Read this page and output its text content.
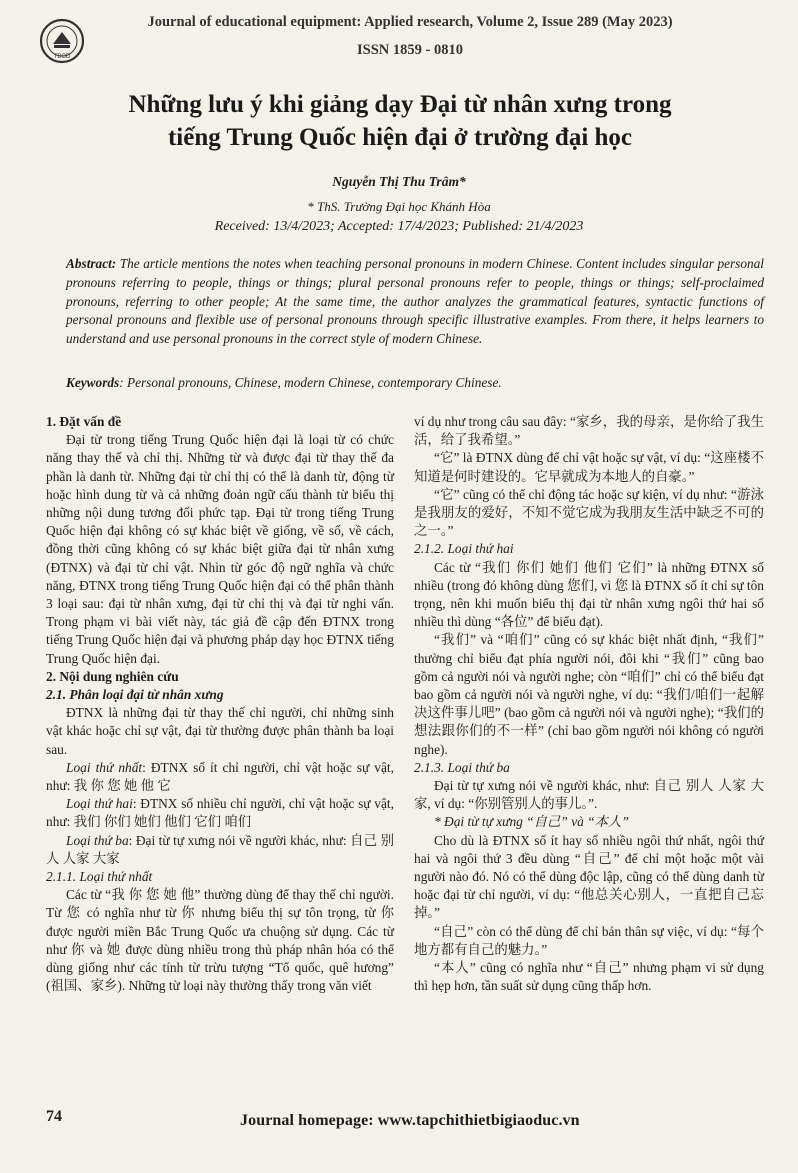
TBGD
Journal of educational equipment: Applied research, Volume 2, Issue 289 (May 2023)
ISSN 1859 - 0810
Những lưu ý khi giảng dạy Đại từ nhân xưng trong
tiếng Trung Quốc hiện đại ở trường đại học
Nguyễn Thị Thu Trâm*
* ThS. Trường Đại học Khánh Hòa
Received: 13/4/2023; Accepted: 17/4/2023; Published: 21/4/2023
Abstract: The article mentions the notes when teaching personal pronouns in modern Chinese. Content includes singular personal pronouns referring to people, things or things; plural personal pronouns refer to people, things or things; self-proclaimed pronouns, referring to other people; At the same time, the author analyzes the grammatical features, syntactic functions of personal pronouns and flexible use of personal pronouns through specific illustrative examples. From there, it helps learners to understand and use personal pronouns in the correct style of modern Chinese.
Keywords: Personal pronouns, Chinese, modern Chinese, contemporary Chinese.

1. Đặt vấn đề

Đại từ trong tiếng Trung Quốc hiện đại là loại từ có chức năng thay thế và chỉ thị. Những từ và được đại từ thay thế đa phần là danh từ. Những đại từ chỉ thị có thể là danh từ, động từ hoặc hình dung từ và cả những đoản ngữ cấu thành từ biểu thị những nội dung tương đối phức tạp. Đại từ trong tiếng Trung Quốc hiện đại không có sự khác biệt về giống, về số, về cách, đồng thời cũng không có sự khác biệt giữa đại từ nhân xưng (ĐTNX) và đại từ chỉ vật. Nhìn từ góc độ ngữ nghĩa và chức năng, ĐTNX trong tiếng Trung Quốc hiện đại có thể phân thành 3 loại sau: đại từ nhân xưng, đại từ chỉ thị và đại từ nghi vấn. Trong phạm vi bài viết này, tác giả đề cập đến ĐTNX trong tiếng Trung Quốc hiện đại và phương pháp dạy học ĐTNX tiếng Trung Quốc hiện đại.

2. Nội dung nghiên cứu

2.1. Phân loại đại từ nhân xưng

ĐTNX là những đại từ thay thế chỉ người, chỉ những sinh vật khác hoặc chỉ sự vật, đại từ thường được phân thành ba loại sau.

Loại thứ nhất: ĐTNX số ít chỉ người, chỉ vật hoặc sự vật, như: 我 你 您 她 他 它

Loại thứ hai: ĐTNX số nhiều chỉ người, chỉ vật hoặc sự vật, như: 我们 你们 她们 他们 它们 咱们

Loại thứ ba: Đại từ tự xưng nói về người khác, như: 自己 别人 人家 大家

2.1.1. Loại thứ nhất

Các từ “我 你 您 她 他” thường dùng để thay thế chỉ người. Từ 您 có nghĩa như từ 你 nhưng biểu thị sự tôn trọng, từ 你 được người miền Bắc Trung Quốc ưa chuộng sử dụng. Các từ như 你 và 她 được dùng nhiều trong thủ pháp nhân hóa có thể dùng giống như các tính từ trừu tượng “Tổ quốc, quê hương” (祖国、家乡). Những từ loại này thường thấy trong văn viết

ví dụ như trong câu sau đây: “家乡，我的母亲，是你给了我生活，给了我希望。”

“它” là ĐTNX dùng để chỉ vật hoặc sự vật, ví dụ: “这座楼不知道是何时建设的。它早就成为本地人的自豪。”

“它” cũng có thể chỉ động tác hoặc sự kiện, ví dụ như: “游泳是我朋友的爱好，不知不觉它成为我朋友生活中缺乏不可的之一。”

2.1.2. Loại thứ hai

Các từ “我们 你们 她们 他们 它们” là những ĐTNX số nhiều (trong đó không dùng 您们, vì 您 là ĐTNX số ít chỉ sự tôn trọng, nên khi muốn biểu thị đại từ nhân xưng ngôi thứ hai số nhiều thì dùng “各位” để biểu đạt).

“我们” và “咱们” cũng có sự khác biệt nhất định, “我们” thường chỉ biểu đạt phía người nói, đôi khi “我们” cũng bao gồm cả người nói và người nghe; còn “咱们” chỉ có thể biểu đạt bao gồm cả người nói và người nghe, ví dụ: “我们/咱们一起解决这件事儿吧” (bao gồm cả người nói và người nghe); “我们的想法跟你们的不一样” (chỉ bao gồm người nói không có người nghe).

2.1.3. Loại thứ ba

Đại từ tự xưng nói về người khác, như: 自己 别人 人家 大家, ví dụ: “你别管别人的事儿。”.

* Đại từ tự xưng “自己” và “本人”

Cho dù là ĐTNX số ít hay số nhiều ngôi thứ nhất, ngôi thứ hai và ngôi thứ 3 đều dùng “自己” để chỉ một hoặc một vài người nào đó. Nó có thể dùng độc lập, cũng có thể dùng danh từ hoặc đại từ chỉ người, ví dụ: “他总关心别人，一直把自己忘掉。”

“自己” còn có thể dùng để chỉ bản thân sự việc, ví dụ: “每个地方都有自己的魅力。”

“本人” cũng có nghĩa như “自己” nhưng phạm vi sử dụng thì hẹp hơn, tần suất sử dụng cũng thấp hơn.

74	Journal homepage: www.tapchithietbigiaoduc.vn
